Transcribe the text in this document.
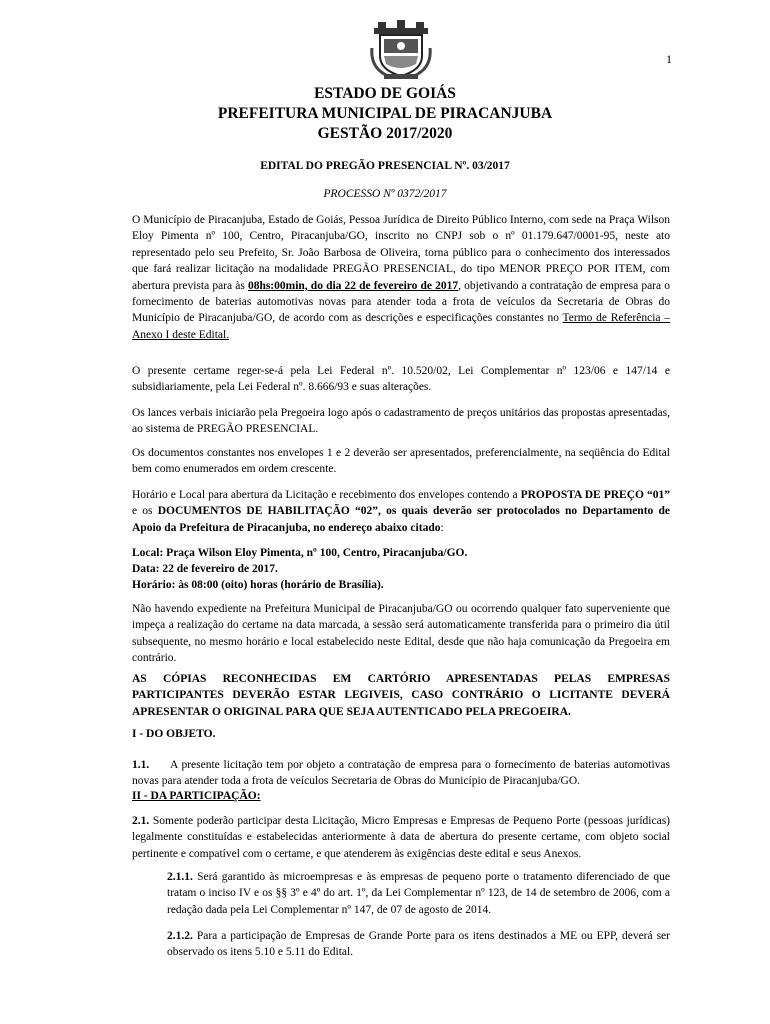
1
ESTADO DE GOIÁS
PREFEITURA MUNICIPAL DE PIRACANJUBA
GESTÃO 2017/2020
EDITAL DO PREGÃO PRESENCIAL Nº. 03/2017
PROCESSO Nº 0372/2017

O Município de Piracanjuba, Estado de Goiás, Pessoa Jurídica de Direito Público Interno, com sede na Praça Wilson Eloy Pimenta nº 100, Centro, Piracanjuba/GO, inscrito no CNPJ sob o nº 01.179.647/0001-95, neste ato representado pelo seu Prefeito, Sr. João Barbosa de Oliveira, torna público para o conhecimento dos interessados que fará realizar licitação na modalidade PREGÃO PRESENCIAL, do tipo MENOR PREÇO POR ITEM, com abertura prevista para às 08hs:00min, do dia 22 de fevereiro de 2017, objetivando a contratação de empresa para o fornecimento de baterias automotivas novas para atender toda a frota de veículos da Secretaria de Obras do Município de Piracanjuba/GO, de acordo com as descrições e especificações constantes no Termo de Referência – Anexo I deste Edital.

O presente certame reger-se-á pela Lei Federal nº. 10.520/02, Lei Complementar nº 123/06 e 147/14 e subsidiariamente, pela Lei Federal nº. 8.666/93 e suas alterações.

Os lances verbais iniciarão pela Pregoeira logo após o cadastramento de preços unitários das propostas apresentadas, ao sistema de PREGÃO PRESENCIAL.

Os documentos constantes nos envelopes 1 e 2 deverão ser apresentados, preferencialmente, na seqüência do Edital bem como enumerados em ordem crescente.

Horário e Local para abertura da Licitação e recebimento dos envelopes contendo a PROPOSTA DE PREÇO “01” e os DOCUMENTOS DE HABILITAÇÃO “02”, os quais deverão ser protocolados no Departamento de Apoio da Prefeitura de Piracanjuba, no endereço abaixo citado:

Local: Praça Wilson Eloy Pimenta, nº 100, Centro, Piracanjuba/GO.

Data: 22 de fevereiro de 2017.

Horário: às 08:00 (oito) horas (horário de Brasília).

Não havendo expediente na Prefeitura Municipal de Piracanjuba/GO ou ocorrendo qualquer fato superveniente que impeça a realização do certame na data marcada, a sessão será automaticamente transferida para o primeiro dia útil subsequente, no mesmo horário e local estabelecido neste Edital, desde que não haja comunicação da Pregoeira em contrário.

AS CÓPIAS RECONHECIDAS EM CARTÓRIO APRESENTADAS PELAS EMPRESAS PARTICIPANTES DEVERÃO ESTAR LEGIVEIS, CASO CONTRÁRIO O LICITANTE DEVERÁ APRESENTAR O ORIGINAL PARA QUE SEJA AUTENTICADO PELA PREGOEIRA.

I - DO OBJETO.

1.1. A presente licitação tem por objeto a contratação de empresa para o fornecimento de baterias automotivas novas para atender toda a frota de veículos Secretaria de Obras do Município de Piracanjuba/GO.

II - DA PARTICIPAÇÃO:

2.1. Somente poderão participar desta Licitação, Micro Empresas e Empresas de Pequeno Porte (pessoas jurídicas) legalmente constituídas e estabelecidas anteriormente à data de abertura do presente certame, com objeto social pertinente e compatível com o certame, e que atenderem às exigências deste edital e seus Anexos.

2.1.1. Será garantido às microempresas e às empresas de pequeno porte o tratamento diferenciado de que tratam o inciso IV e os §§ 3º e 4º do art. 1º, da Lei Complementar nº 123, de 14 de setembro de 2006, com a redação dada pela Lei Complementar nº 147, de 07 de agosto de 2014.

2.1.2. Para a participação de Empresas de Grande Porte para os itens destinados a ME ou EPP, deverá ser observado os itens 5.10 e 5.11 do Edital.
